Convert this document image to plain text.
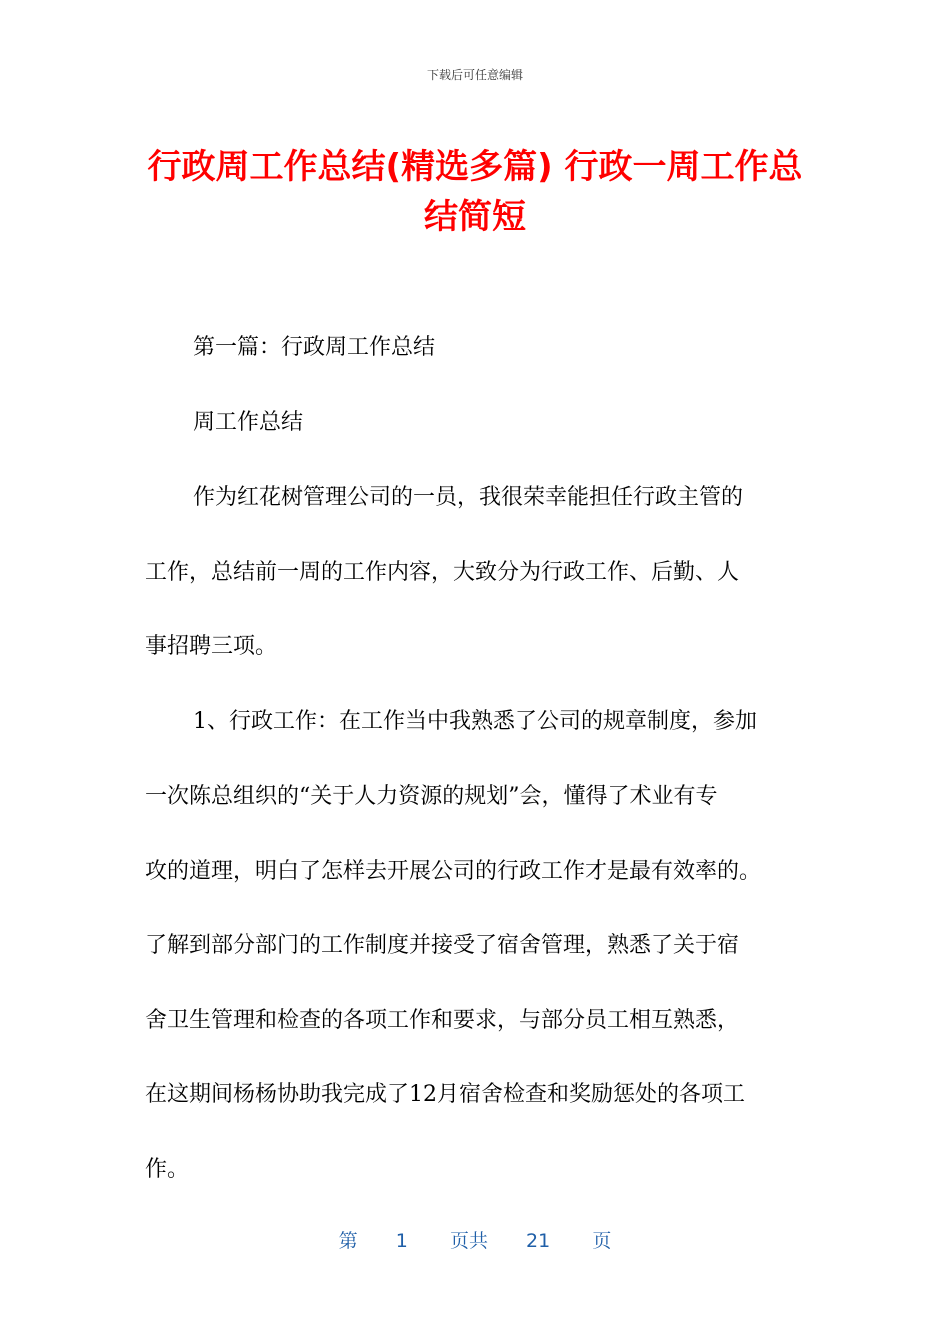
下载后可任意编辑
行政周工作总结(精选多篇) 行政一周工作总
结简短

第一篇：行政周工作总结

周工作总结

作为红花树管理公司的一员，我很荣幸能担任行政主管的

工作，总结前一周的工作内容，大致分为行政工作、后勤、人

事招聘三项。

1、行政工作：在工作当中我熟悉了公司的规章制度，参加

一次陈总组织的“关于人力资源的规划”会，懂得了术业有专

攻的道理，明白了怎样去开展公司的行政工作才是最有效率的。

了解到部分部门的工作制度并接受了宿舍管理，熟悉了关于宿

舍卫生管理和检查的各项工作和要求，与部分员工相互熟悉，

在这期间杨杨协助我完成了12月宿舍检查和奖励惩处的各项工

作。

第 1 页共 21 页
